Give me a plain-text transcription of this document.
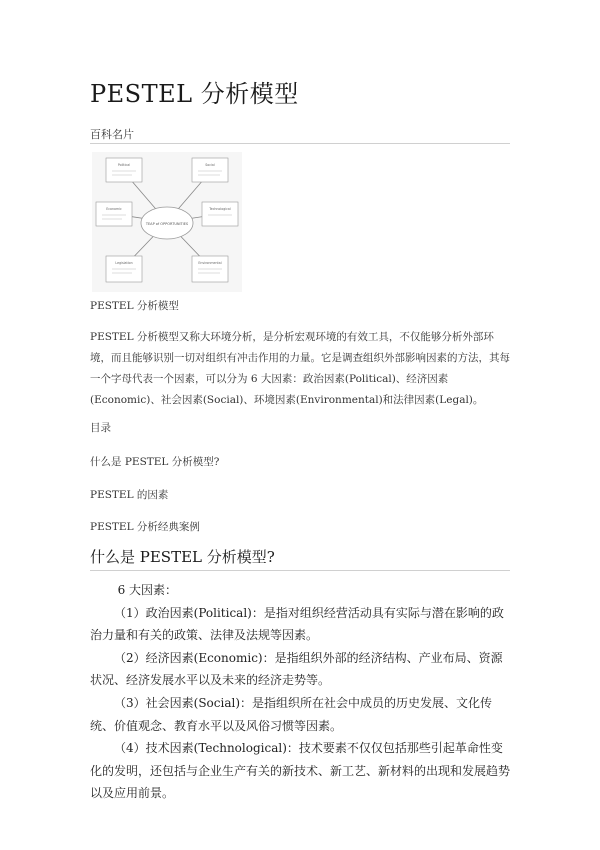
PESTEL 分析模型
百科名片
TEAP of OPPORTUNITIES
Political	Social
Economic	Technological
Legislation	Environmental
PESTEL 分析模型

PESTEL 分析模型又称大环境分析，是分析宏观环境的有效工具，不仅能够分析外部环境，而且能够识别一切对组织有冲击作用的力量。它是调查组织外部影响因素的方法，其每一个字母代表一个因素，可以分为 6 大因素：政治因素(Political)、经济因素(Economic)、社会因素(Social)、环境因素(Environmental)和法律因素(Legal)。

目录
什么是 PESTEL 分析模型?
PESTEL 的因素
PESTEL 分析经典案例
什么是 PESTEL 分析模型?

6 大因素：

（1）政治因素(Political)：是指对组织经营活动具有实际与潜在影响的政治力量和有关的政策、法律及法规等因素。

（2）经济因素(Economic)：是指组织外部的经济结构、产业布局、资源状况、经济发展水平以及未来的经济走势等。

（3）社会因素(Social)：是指组织所在社会中成员的历史发展、文化传统、价值观念、教育水平以及风俗习惯等因素。

（4）技术因素(Technological)：技术要素不仅仅包括那些引起革命性变化的发明，还包括与企业生产有关的新技术、新工艺、新材料的出现和发展趋势以及应用前景。
